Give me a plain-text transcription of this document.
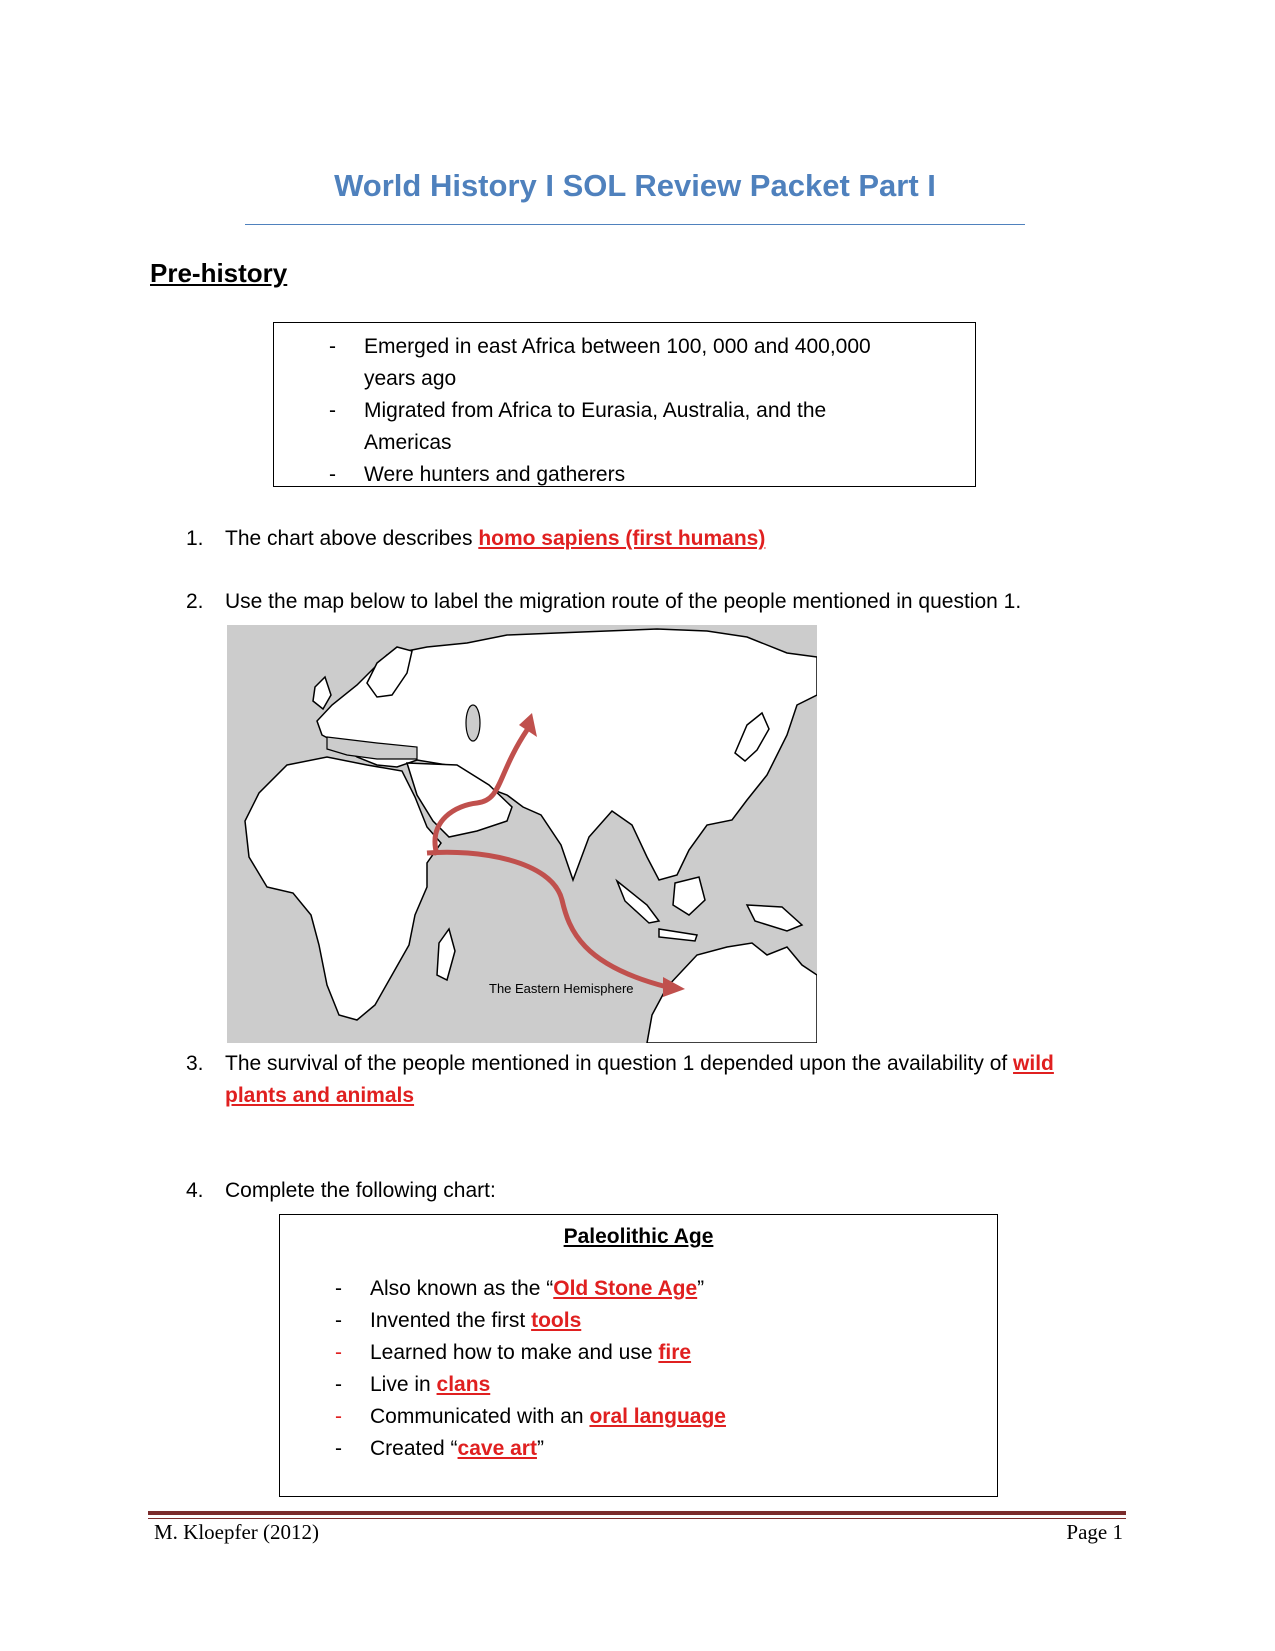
World History I SOL Review Packet Part I
Pre-history
- Emerged in east Africa between 100, 000 and 400,000 years ago
- Migrated from Africa to Eurasia, Australia, and the Americas
- Were hunters and gatherers
1. The chart above describes homo sapiens (first humans)
2. Use the map below to label the migration route of the people mentioned in question 1.
The Eastern Hemisphere
3. The survival of the people mentioned in question 1 depended upon the availability of wild plants and animals
4. Complete the following chart:
Paleolithic Age
- Also known as the “Old Stone Age”
- Invented the first tools
- Learned how to make and use fire
- Live in clans
- Communicated with an oral language
- Created “cave art”
M. Kloepfer (2012)	Page 1
